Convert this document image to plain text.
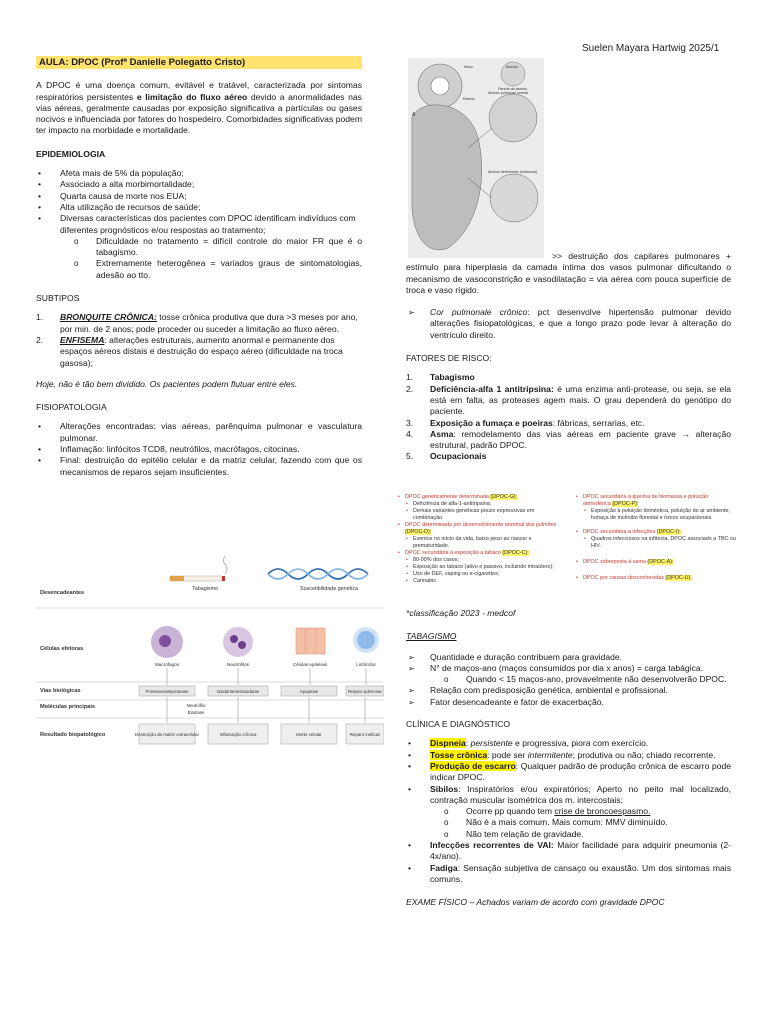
Suelen Mayara Hartwig 2025/1
AULA: DPOC (Profª Danielle Polegatto Cristo)

A DPOC é uma doença comum, evitável e tratável, caracterizada por sintomas respiratórios persistentes e limitação do fluxo aéreo devido a anormalidades nas vias aéreas, geralmente causadas por exposição significativa a partículas ou gases nocivos e influenciada por fatores do hospedeiro. Comorbidades significativas podem ter impacto na morbidade e mortalidade.

EPIDEMIOLOGIA
• Afeta mais de 5% da população;
• Associado a alta morbimortalidade;
• Quarta causa de morte nos EUA;
• Alta utilização de recursos de saúde;
• Diversas características dos pacientes com DPOC identificam indivíduos com diferentes prognósticos e/ou respostas ao tratamento;
o Dificuldade no tratamento = difícil controle do maior FR que é o tabagismo.
o Extremamente heterogênea = variados graus de sintomatologias, adesão ao tto.
SUBTIPOS
1. BRONQUITE CRÔNICA: tosse crônica produtiva que dura >3 meses por ano, por min. de 2 anos; pode proceder ou suceder a limitação ao fluxo aéreo.
2. ENFISEMA: alterações estruturais, aumento anormal e permanente dos espaços aéreos distais e destruição do espaço aéreo (dificuldade na troca gasosa);

Hoje, não é tão bem dividido. Os pacientes podem flutuar entre eles.

FISIOPATOLOGIA
• Alterações encontradas: vias aéreas, parênquima pulmonar e vasculatura pulmonar.
• Inflamação: linfócitos TCD8, neutrófilos, macrófagos, citocinas.
• Final: destruição do epitélio celular e da matriz celular, fazendo com que os mecanismos de reparos sejam insuficientes.
Desencadeantes
Células efetoras
Vias biológicas
Moléculas principais
Resultado biopatológico
Tabagismo	Suscetibilidade genética
Macrófagos	Neutrófilos	Células epiteliais	Linfócitos
Protease/antiprotease	Oxidante/antioxidante	Apoptose	Reparo pulmonar
Neutrófilo
Elastase
Destruição da matriz extracelular	Inflamação crônica	Morte celular	Reparo ineficaz
Muco
Edema
Alvéolo
Parede do alvéolo
Alvéolo pulmonar normal
Alvéolo deteriorado (enfisema)
A

>> destruição dos capilares pulmonares + estímulo para hiperplasia da camada íntima dos vasos pulmonar dificultando o mecanismo de vasoconstrição e vasodilatação = via aérea com pouca superfície de troca e vaso rígido.

➢ Cor pulmonale crônico: pct desenvolve hipertensão pulmonar devido alterações fisiopatológicas, e que a longo prazo pode levar à alteração do ventrículo direito.
FATORES DE RISCO:
1. Tabagismo
2. Deficiência-alfa 1 antitripsina: é uma enzima anti-protease, ou seja, se ela está em falta, as proteases agem mais. O grau dependerá do genótipo do paciente.
3. Exposição a fumaça e poeiras: fábricas, serrarias, etc.
4. Asma: remodelamento das vias aéreas em paciente grave → alteração estrutural, padrão DPOC.
5. Ocupacionais
• DPOC geneticamente determinada (DPOC-G):
• Deficiência de alfa-1-antitripsina;
• Demais variantes genéticas pouco expressivas em combinação.
• DPOC determinada por desenvolvimento anormal dos pulmões (DPOC-D):
• Eventos no início da vida, baixo peso ao nascer e prematuridade.
• DPOC secundária à exposição a tabaco (DPOC-C):
• 80-90% dos casos;
• Exposição ao tabaco (ativo e passivo, incluindo intraútero);
• Uso de DEF, vaping ou e-cigarettes;
• Cannabis.
• DPOC secundária à queima de biomassa e poluição atmosférica (DPOC-P):
• Exposição à poluição doméstica, poluição do ar ambiente, fumaça de incêndio florestal e riscos ocupacionais.
• DPOC secundária a infecções (DPOC-I):
• Quadros infecciosos na infância, DPOC associado a TBC ou HIV.
• DPOC sobreposta à asma (DPOC-A):
• DPOC por causas desconhecidas (DPOC-U).

*classificação 2023 - medcof

TABAGISMO

➢ Quantidade e duração contribuem para gravidade.
➢ N° de maços-ano (maços consumidos por dia x anos) = carga tabágica.
o Quando < 15 maços-ano, provavelmente não desenvolverão DPOC.
➢ Relação com predisposição genética, ambiental e profissional.
➢ Fator desencadeante e fator de exacerbação.
CLÍNICA E DIAGNÓSTICO
• Dispneia: persistente e progressiva, piora com exercício.
• Tosse crônica: pode ser intermitente; produtiva ou não; chiado recorrente.
• Produção de escarro: Qualquer padrão de produção crônica de escarro pode indicar DPOC.
• Sibilos: Inspiratórios e/ou expiratórios; Aperto no peito mal localizado, contração muscular isométrica dos m. intercostais;
o Ocorre pp quando tem crise de broncoespasmo.
o Não é a mais comum. Mais comum: MMV diminuído.
o Não tem relação de gravidade.
• Infecções recorrentes de VAI: Maior facilidade para adquirir pneumonia (2-4x/ano).
• Fadiga: Sensação subjetiva de cansaço ou exaustão. Um dos sintomas mais comuns.

EXAME FÍSICO – Achados variam de acordo com gravidade DPOC
